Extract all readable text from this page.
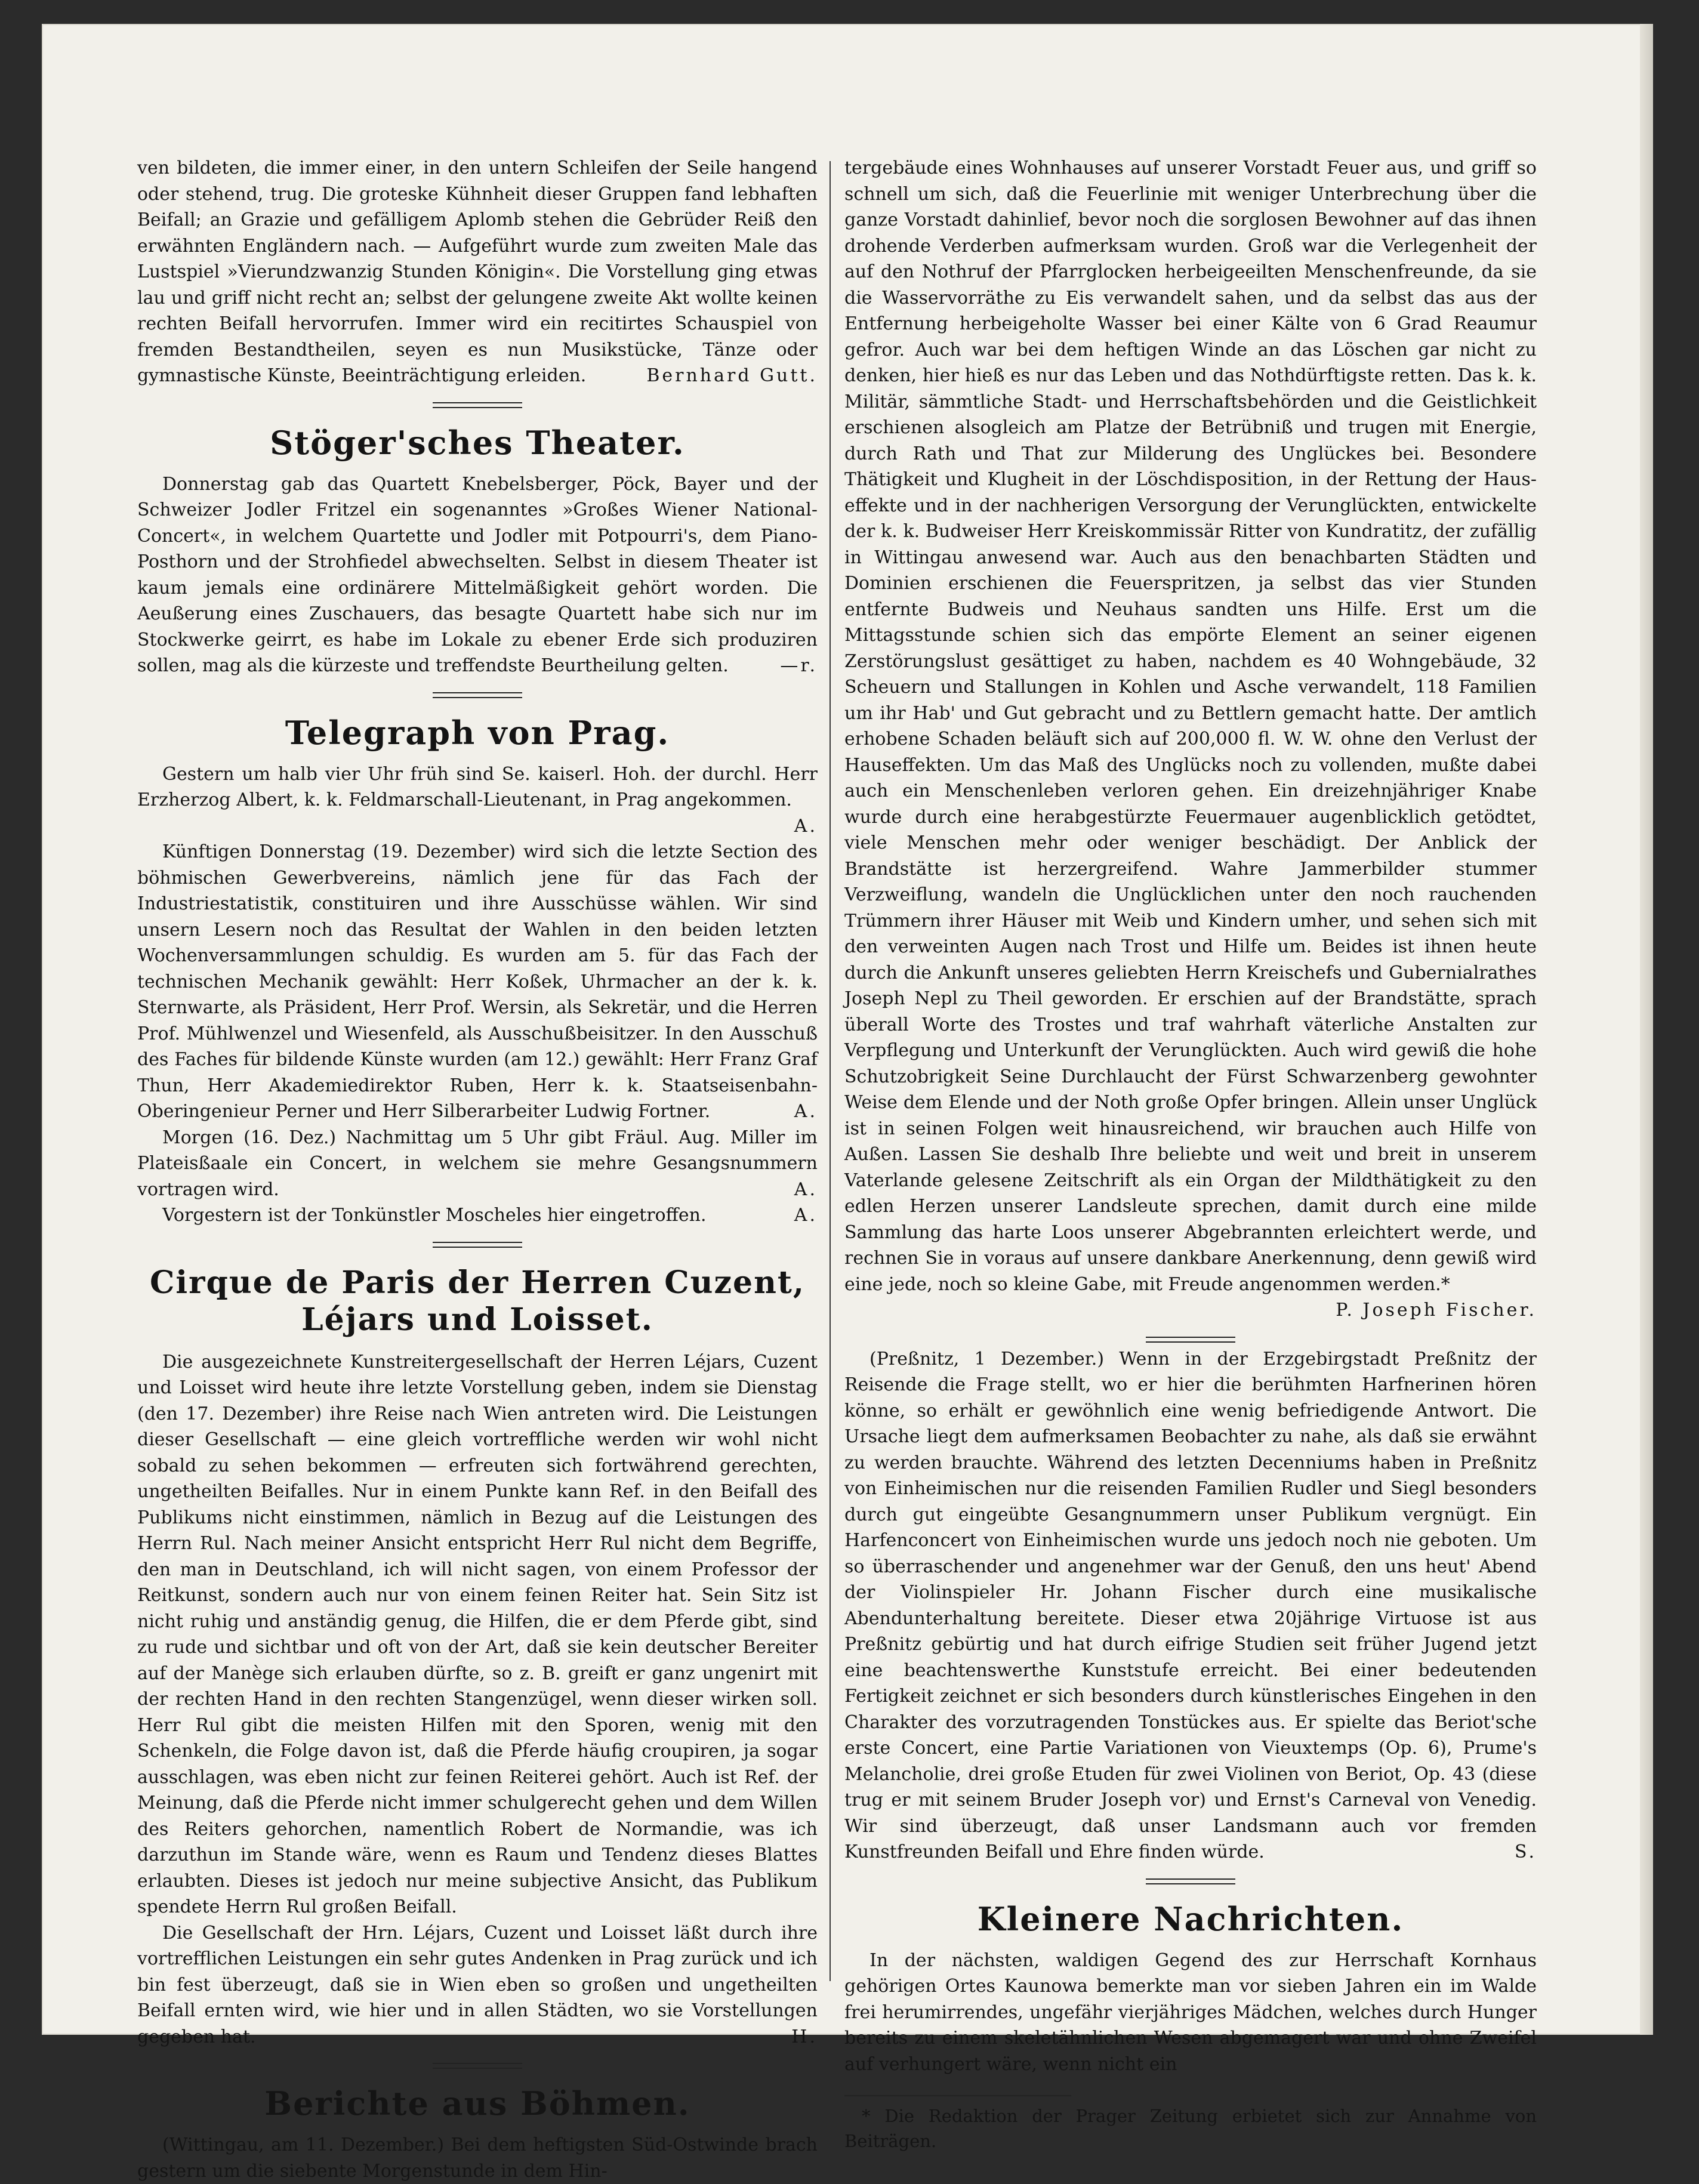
ven bildeten, die immer einer, in den untern Schleifen der Seile hangend oder stehend, trug. Die groteske Kühnheit dieser Gruppen fand lebhaften Beifall; an Grazie und gefälligem Aplomb stehen die Gebrüder Reiß den erwähnten Engländern nach. — Aufgeführt wurde zum zweiten Male das Lustspiel »Vierundzwanzig Stunden Königin«. Die Vorstellung ging etwas lau und griff nicht recht an; selbst der gelungene zweite Akt wollte keinen rechten Beifall hervorrufen. Immer wird ein recitirtes Schauspiel von fremden Bestandtheilen, seyen es nun Musikstücke, Tänze oder gymnastische Künste, Beeinträchtigung erleiden.	Bernhard Gutt.

Stöger'sches Theater.

Donnerstag gab das Quartett Knebelsberger, Pöck, Bayer und der Schweizer Jodler Fritzel ein sogenanntes »Großes Wiener National-Concert«, in welchem Quartette und Jodler mit Potpourri's, dem Piano-Posthorn und der Strohfiedel abwechselten. Selbst in diesem Theater ist kaum jemals eine ordinärere Mittelmäßigkeit gehört worden. Die Aeußerung eines Zuschauers, das besagte Quartett habe sich nur im Stockwerke geirrt, es habe im Lokale zu ebener Erde sich produziren sollen, mag als die kürzeste und treffendste Beurtheilung gelten.	—r.

Telegraph von Prag.

Gestern um halb vier Uhr früh sind Se. kaiserl. Hoh. der durchl. Herr Erzherzog Albert, k. k. Feldmarschall-Lieutenant, in Prag angekommen.
A.

Künftigen Donnerstag (19. Dezember) wird sich die letzte Section des böhmischen Gewerbvereins, nämlich jene für das Fach der Industriestatistik, constituiren und ihre Ausschüsse wählen. Wir sind unsern Lesern noch das Resultat der Wahlen in den beiden letzten Wochenversammlungen schuldig. Es wurden am 5. für das Fach der technischen Mechanik gewählt: Herr Koßek, Uhrmacher an der k. k. Sternwarte, als Präsident, Herr Prof. Wersin, als Sekretär, und die Herren Prof. Mühlwenzel und Wiesenfeld, als Ausschußbeisitzer. In den Ausschuß des Faches für bildende Künste wurden (am 12.) gewählt: Herr Franz Graf Thun, Herr Akademiedirektor Ruben, Herr k. k. Staatseisenbahn-Oberingenieur Perner und Herr Silberarbeiter Ludwig Fortner.	A.

Morgen (16. Dez.) Nachmittag um 5 Uhr gibt Fräul. Aug. Miller im Plateisßaale ein Concert, in welchem sie mehre Gesangsnummern vortragen wird.	A.

Vorgestern ist der Tonkünstler Moscheles hier eingetroffen.	A.

Cirque de Paris der Herren Cuzent, Léjars und Loisset.

Die ausgezeichnete Kunstreitergesellschaft der Herren Léjars, Cuzent und Loisset wird heute ihre letzte Vorstellung geben, indem sie Dienstag (den 17. Dezember) ihre Reise nach Wien antreten wird. Die Leistungen dieser Gesellschaft — eine gleich vortreffliche werden wir wohl nicht sobald zu sehen bekommen — erfreuten sich fortwährend gerechten, ungetheilten Beifalles. Nur in einem Punkte kann Ref. in den Beifall des Publikums nicht einstimmen, nämlich in Bezug auf die Leistungen des Herrn Rul. Nach meiner Ansicht entspricht Herr Rul nicht dem Begriffe, den man in Deutschland, ich will nicht sagen, von einem Professor der Reitkunst, sondern auch nur von einem feinen Reiter hat. Sein Sitz ist nicht ruhig und anständig genug, die Hilfen, die er dem Pferde gibt, sind zu rude und sichtbar und oft von der Art, daß sie kein deutscher Bereiter auf der Manège sich erlauben dürfte, so z. B. greift er ganz ungenirt mit der rechten Hand in den rechten Stangenzügel, wenn dieser wirken soll. Herr Rul gibt die meisten Hilfen mit den Sporen, wenig mit den Schenkeln, die Folge davon ist, daß die Pferde häufig croupiren, ja sogar ausschlagen, was eben nicht zur feinen Reiterei gehört. Auch ist Ref. der Meinung, daß die Pferde nicht immer schulgerecht gehen und dem Willen des Reiters gehorchen, namentlich Robert de Normandie, was ich darzuthun im Stande wäre, wenn es Raum und Tendenz dieses Blattes erlaubten. Dieses ist jedoch nur meine subjective Ansicht, das Publikum spendete Herrn Rul großen Beifall.

Die Gesellschaft der Hrn. Léjars, Cuzent und Loisset läßt durch ihre vortrefflichen Leistungen ein sehr gutes Andenken in Prag zurück und ich bin fest überzeugt, daß sie in Wien eben so großen und ungetheilten Beifall ernten wird, wie hier und in allen Städten, wo sie Vorstellungen gegeben hat.	H.

Berichte aus Böhmen.

(Wittingau, am 11. Dezember.) Bei dem heftigsten Süd-Ostwinde brach gestern um die siebente Morgenstunde in dem Hin-

tergebäude eines Wohnhauses auf unserer Vorstadt Feuer aus, und griff so schnell um sich, daß die Feuerlinie mit weniger Unterbrechung über die ganze Vorstadt dahinlief, bevor noch die sorglosen Bewohner auf das ihnen drohende Verderben aufmerksam wurden. Groß war die Verlegenheit der auf den Nothruf der Pfarrglocken herbeigeeilten Menschenfreunde, da sie die Wasservorräthe zu Eis verwandelt sahen, und da selbst das aus der Entfernung herbeigeholte Wasser bei einer Kälte von 6 Grad Reaumur gefror. Auch war bei dem heftigen Winde an das Löschen gar nicht zu denken, hier hieß es nur das Leben und das Nothdürftigste retten. Das k. k. Militär, sämmtliche Stadt- und Herrschaftsbehörden und die Geistlichkeit erschienen alsogleich am Platze der Betrübniß und trugen mit Energie, durch Rath und That zur Milderung des Unglückes bei. Besondere Thätigkeit und Klugheit in der Löschdisposition, in der Rettung der Hauseffekte und in der nachherigen Versorgung der Verunglückten, entwickelte der k. k. Budweiser Herr Kreiskommissär Ritter von Kundratitz, der zufällig in Wittingau anwesend war. Auch aus den benachbarten Städten und Dominien erschienen die Feuerspritzen, ja selbst das vier Stunden entfernte Budweis und Neuhaus sandten uns Hilfe. Erst um die Mittagsstunde schien sich das empörte Element an seiner eigenen Zerstörungslust gesättiget zu haben, nachdem es 40 Wohngebäude, 32 Scheuern und Stallungen in Kohlen und Asche verwandelt, 118 Familien um ihr Hab' und Gut gebracht und zu Bettlern gemacht hatte. Der amtlich erhobene Schaden beläuft sich auf 200,000 fl. W. W. ohne den Verlust der Hauseffekten. Um das Maß des Unglücks noch zu vollenden, mußte dabei auch ein Menschenleben verloren gehen. Ein dreizehnjähriger Knabe wurde durch eine herabgestürzte Feuermauer augenblicklich getödtet, viele Menschen mehr oder weniger beschädigt. Der Anblick der Brandstätte ist herzergreifend. Wahre Jammerbilder stummer Verzweiflung, wandeln die Unglücklichen unter den noch rauchenden Trümmern ihrer Häuser mit Weib und Kindern umher, und sehen sich mit den verweinten Augen nach Trost und Hilfe um. Beides ist ihnen heute durch die Ankunft unseres geliebten Herrn Kreischefs und Gubernialrathes Joseph Nepl zu Theil geworden. Er erschien auf der Brandstätte, sprach überall Worte des Trostes und traf wahrhaft väterliche Anstalten zur Verpflegung und Unterkunft der Verunglückten. Auch wird gewiß die hohe Schutzobrigkeit Seine Durchlaucht der Fürst Schwarzenberg gewohnter Weise dem Elende und der Noth große Opfer bringen. Allein unser Unglück ist in seinen Folgen weit hinausreichend, wir brauchen auch Hilfe von Außen. Lassen Sie deshalb Ihre beliebte und weit und breit in unserem Vaterlande gelesene Zeitschrift als ein Organ der Mildthätigkeit zu den edlen Herzen unserer Landsleute sprechen, damit durch eine milde Sammlung das harte Loos unserer Abgebrannten erleichtert werde, und rechnen Sie in voraus auf unsere dankbare Anerkennung, denn gewiß wird eine jede, noch so kleine Gabe, mit Freude angenommen werden.*
P. Joseph Fischer.

(Preßnitz, 1 Dezember.) Wenn in der Erzgebirgstadt Preßnitz der Reisende die Frage stellt, wo er hier die berühmten Harfnerinen hören könne, so erhält er gewöhnlich eine wenig befriedigende Antwort. Die Ursache liegt dem aufmerksamen Beobachter zu nahe, als daß sie erwähnt zu werden brauchte. Während des letzten Decenniums haben in Preßnitz von Einheimischen nur die reisenden Familien Rudler und Siegl besonders durch gut eingeübte Gesangnummern unser Publikum vergnügt. Ein Harfenconcert von Einheimischen wurde uns jedoch noch nie geboten. Um so überraschender und angenehmer war der Genuß, den uns heut' Abend der Violinspieler Hr. Johann Fischer durch eine musikalische Abendunterhaltung bereitete. Dieser etwa 20jährige Virtuose ist aus Preßnitz gebürtig und hat durch eifrige Studien seit früher Jugend jetzt eine beachtenswerthe Kunststufe erreicht. Bei einer bedeutenden Fertigkeit zeichnet er sich besonders durch künstlerisches Eingehen in den Charakter des vorzutragenden Tonstückes aus. Er spielte das Beriot'sche erste Concert, eine Partie Variationen von Vieuxtemps (Op. 6), Prume's Melancholie, drei große Etuden für zwei Violinen von Beriot, Op. 43 (diese trug er mit seinem Bruder Joseph vor) und Ernst's Carneval von Venedig. Wir sind überzeugt, daß unser Landsmann auch vor fremden Kunstfreunden Beifall und Ehre finden würde.	S.

Kleinere Nachrichten.

In der nächsten, waldigen Gegend des zur Herrschaft Kornhaus gehörigen Ortes Kaunowa bemerkte man vor sieben Jahren ein im Walde frei herumirrendes, ungefähr vierjähriges Mädchen, welches durch Hunger bereits zu einem skeletähnlichen Wesen abgemagert war und ohne Zweifel auf verhungert wäre, wenn nicht ein

* Die Redaktion der Prager Zeitung erbietet sich zur Annahme von Beiträgen.
